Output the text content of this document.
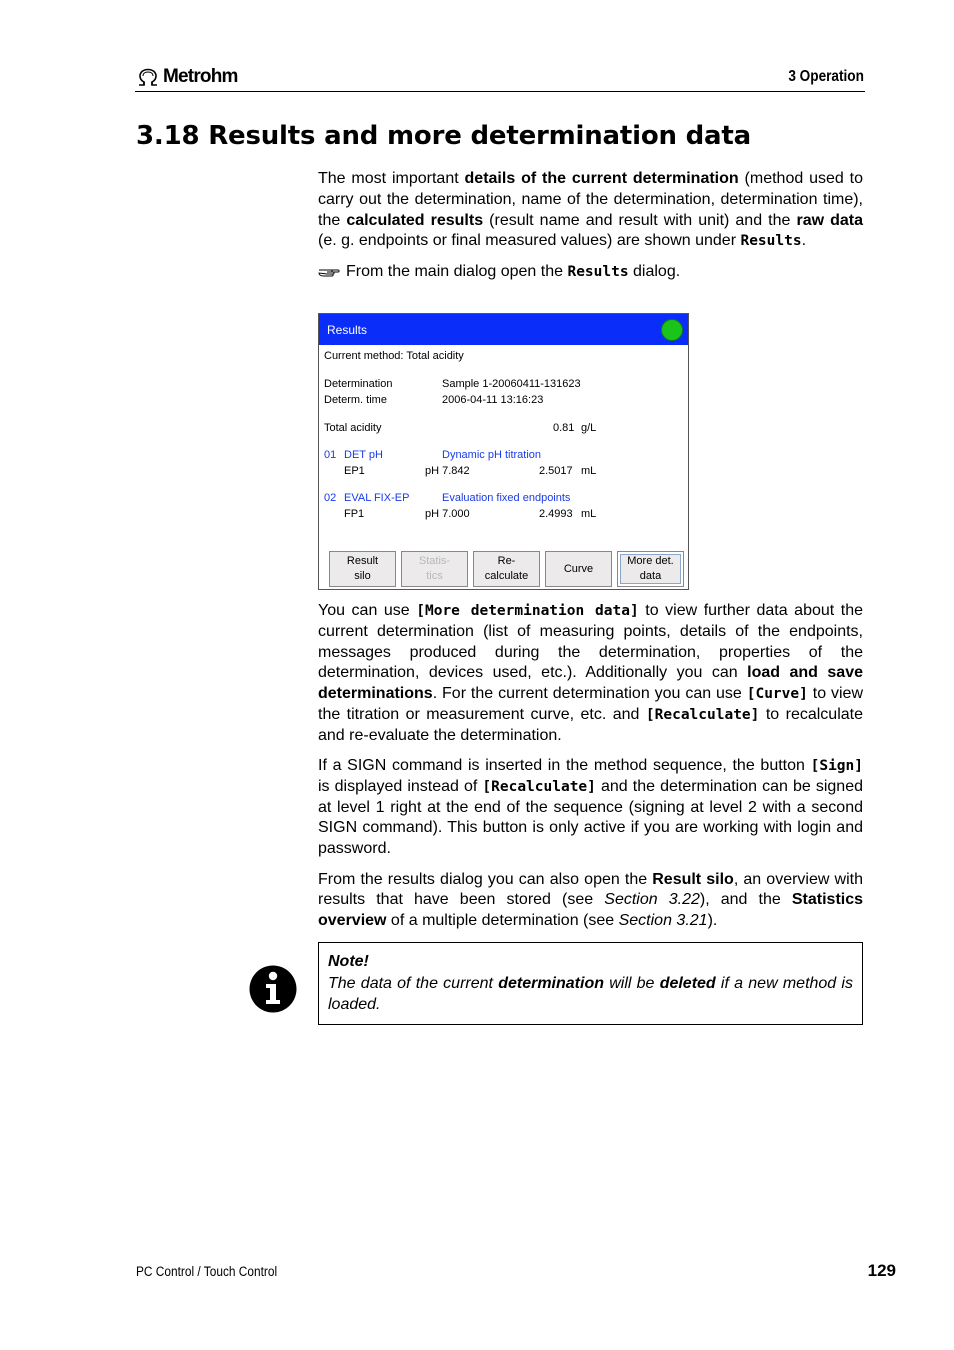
Metrohm	3 Operation
3.18 Results and more determination data

The most important details of the current determination (method used to carry out the determination, name of the determination, determination time), the calculated results (result name and result with unit) and the raw data (e. g. endpoints or final measured values) are shown under Results.

From the main dialog open the Results dialog.
Results
Current method: Total acidity
Determination	Sample 1-20060411-131623
Determ. time	2006-04-11 13:16:23
Total acidity	0.81 g/L
01 DET pH	Dynamic pH titration
EP1	pH 7.842	2.5017 mL
02 EVAL FIX-EP	Evaluation fixed endpoints
FP1	pH 7.000	2.4993 mL
Result
silo
Statis-
tics
Re-
calculate
Curve
More det.
data

You can use [More determination data] to view further data about the current determination (list of measuring points, details of the endpoints, messages produced during the determination, properties of the determination, devices used, etc.). Additionally you can load and save determinations. For the current determination you can use [Curve] to view the titration or measurement curve, etc. and [Recalculate] to recalculate and re-evaluate the determination.

If a SIGN command is inserted in the method sequence, the button [Sign] is displayed instead of [Recalculate] and the determination can be signed at level 1 right at the end of the sequence (signing at level 2 with a second SIGN command). This button is only active if you are working with login and password.

From the results dialog you can also open the Result silo, an overview with results that have been stored (see Section 3.22), and the Statistics overview of a multiple determination (see Section 3.21).

Note!
The data of the current determination will be deleted if a new method is loaded.
PC Control / Touch Control	129
